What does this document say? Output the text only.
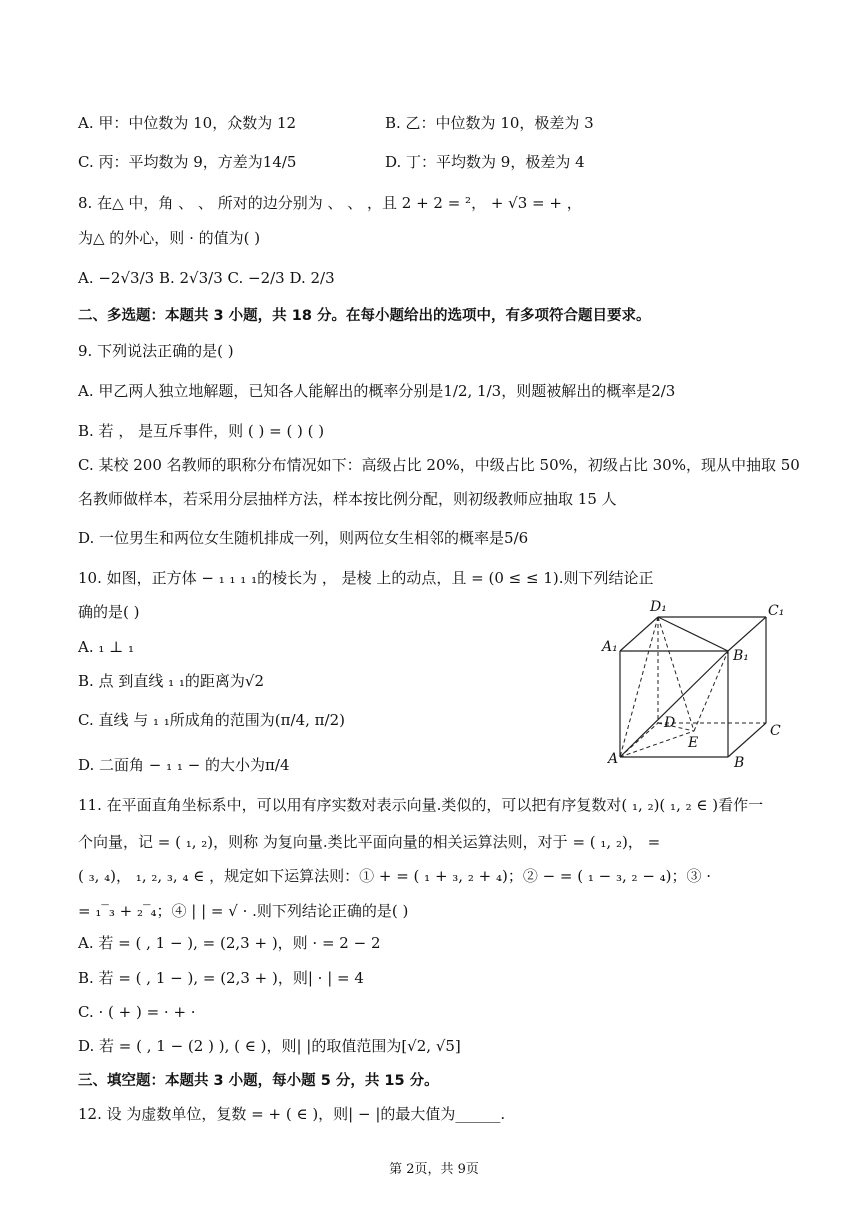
A. 甲：中位数为 10，众数为 12	B. 乙：中位数为 10，极差为 3
C. 丙：平均数为 9，方差为14/5	D. 丁：平均数为 9，极差为 4
8. 在△ 中，角 、 、 所对的边分别为 、 、 ，且 2 + 2 = ²， + √3 = + ，
为△ 的外心，则 · 的值为( )
A. −2√3/3 B. 2√3/3 C. −2/3 D. 2/3
二、多选题：本题共 3 小题，共 18 分。在每小题给出的选项中，有多项符合题目要求。
9. 下列说法正确的是( )
A. 甲乙两人独立地解题，已知各人能解出的概率分别是1/2, 1/3，则题被解出的概率是2/3
B. 若 ， 是互斥事件，则 ( ) = ( ) ( )
C. 某校 200 名教师的职称分布情况如下：高级占比 20%，中级占比 50%，初级占比 30%，现从中抽取 50
名教师做样本，若采用分层抽样方法，样本按比例分配，则初级教师应抽取 15 人
D. 一位男生和两位女生随机排成一列，则两位女生相邻的概率是5/6
10. 如图，正方体 − ₁ ₁ ₁ ₁的棱长为 ， 是棱 上的动点，且 = (0 ≤ ≤ 1).则下列结论正
确的是( )
A. ₁ ⊥ ₁
B. 点 到直线 ₁ ₁的距离为√2
C. 直线 与 ₁ ₁所成角的范围为(π/4, π/2)
D. 二面角 − ₁ ₁ − 的大小为π/4
D₁	C₁
A₁
B₁
D
E
C
A	B
11. 在平面直角坐标系中，可以用有序实数对表示向量.类似的，可以把有序复数对( ₁, ₂)( ₁, ₂ ∈ )看作一
个向量，记 = ( ₁, ₂)，则称 为复向量.类比平面向量的相关运算法则，对于 = ( ₁, ₂)， =
( ₃, ₄)， ₁, ₂, ₃, ₄ ∈ ，规定如下运算法则：① + = ( ₁ + ₃, ₂ + ₄)；② − = ( ₁ − ₃, ₂ − ₄)；③ ·
= ₁‾₃ + ₂‾₄；④ | | = √ · .则下列结论正确的是( )
A. 若 = ( , 1 − ), = (2,3 + )，则 · = 2 − 2
B. 若 = ( , 1 − ), = (2,3 + )，则| · | = 4
C. · ( + ) = · + ·
D. 若 = ( , 1 − (2 ) ), ( ∈ )，则| |的取值范围为[√2, √5]
三、填空题：本题共 3 小题，每小题 5 分，共 15 分。
12. 设 为虚数单位，复数 = + ( ∈ )，则| − |的最大值为______.
第 2页，共 9页
